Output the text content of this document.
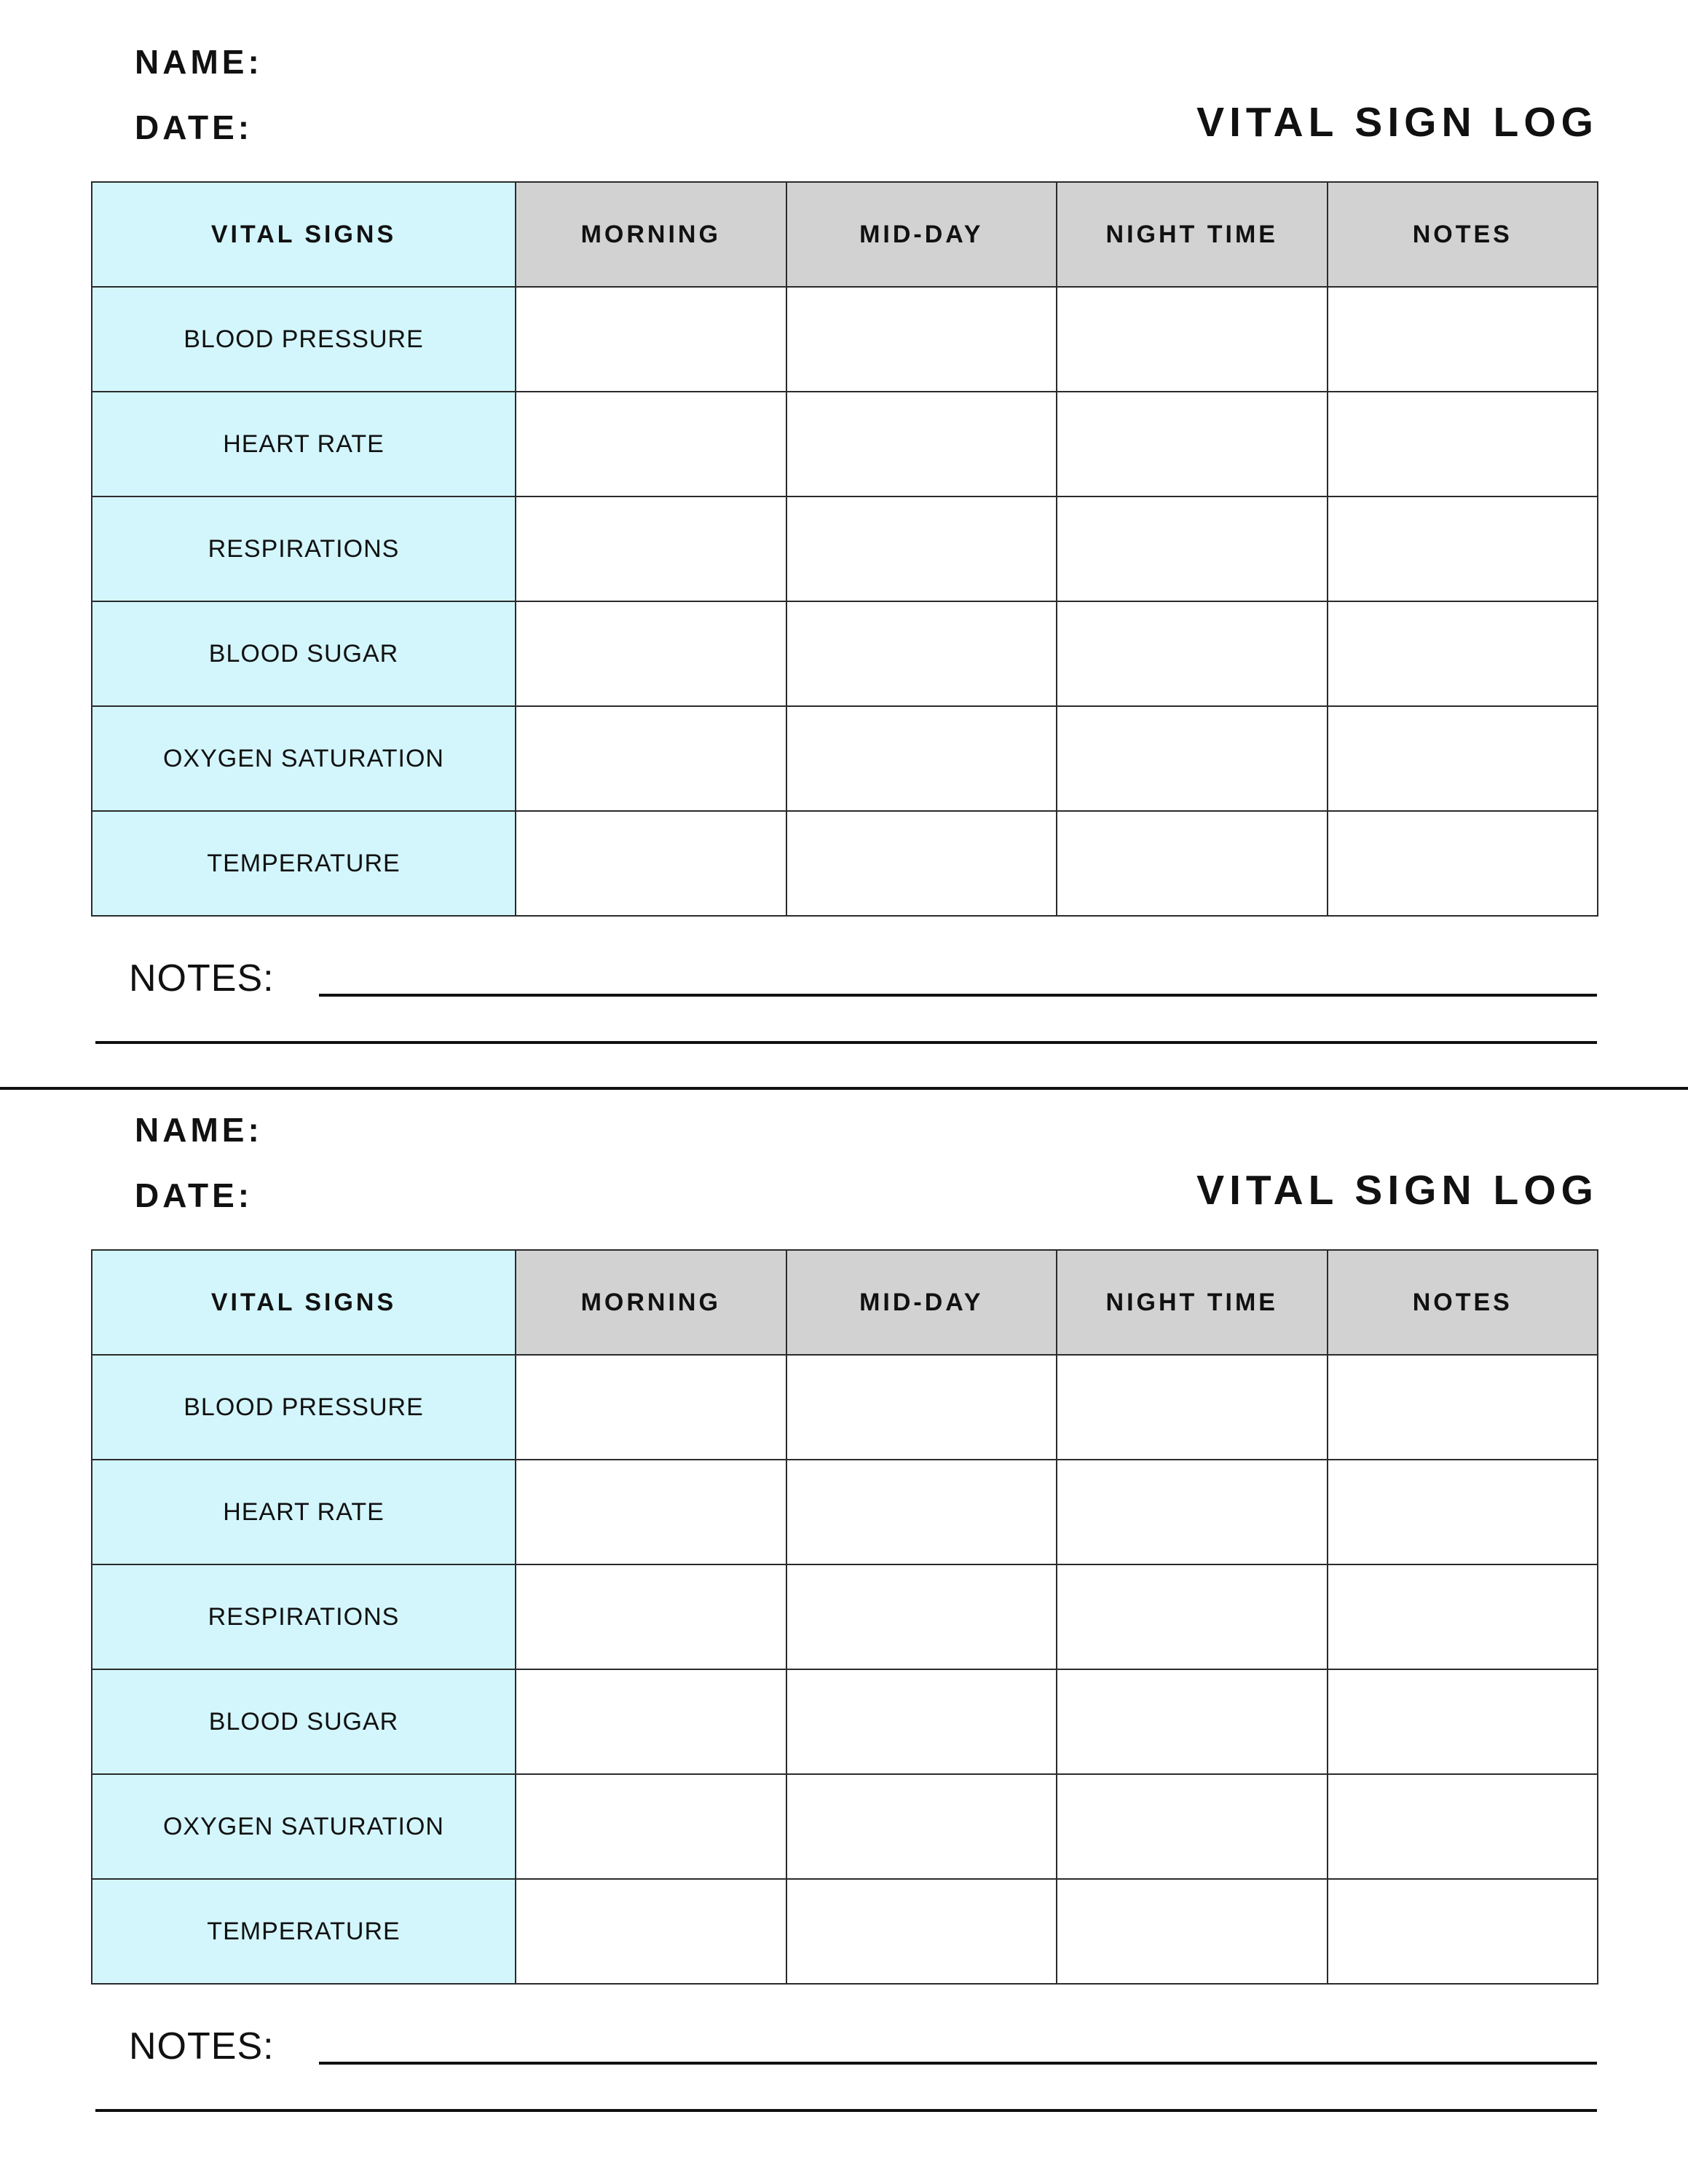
NAME:
DATE:	VITAL SIGN LOG
VITAL SIGNS	MORNING	MID-DAY	NIGHT TIME	NOTES
BLOOD PRESSURE				
HEART RATE				
RESPIRATIONS				
BLOOD SUGAR				
OXYGEN SATURATION				
TEMPERATURE				
NOTES:
NAME:
DATE:	VITAL SIGN LOG
VITAL SIGNS	MORNING	MID-DAY	NIGHT TIME	NOTES
BLOOD PRESSURE				
HEART RATE				
RESPIRATIONS				
BLOOD SUGAR				
OXYGEN SATURATION				
TEMPERATURE				
NOTES:
